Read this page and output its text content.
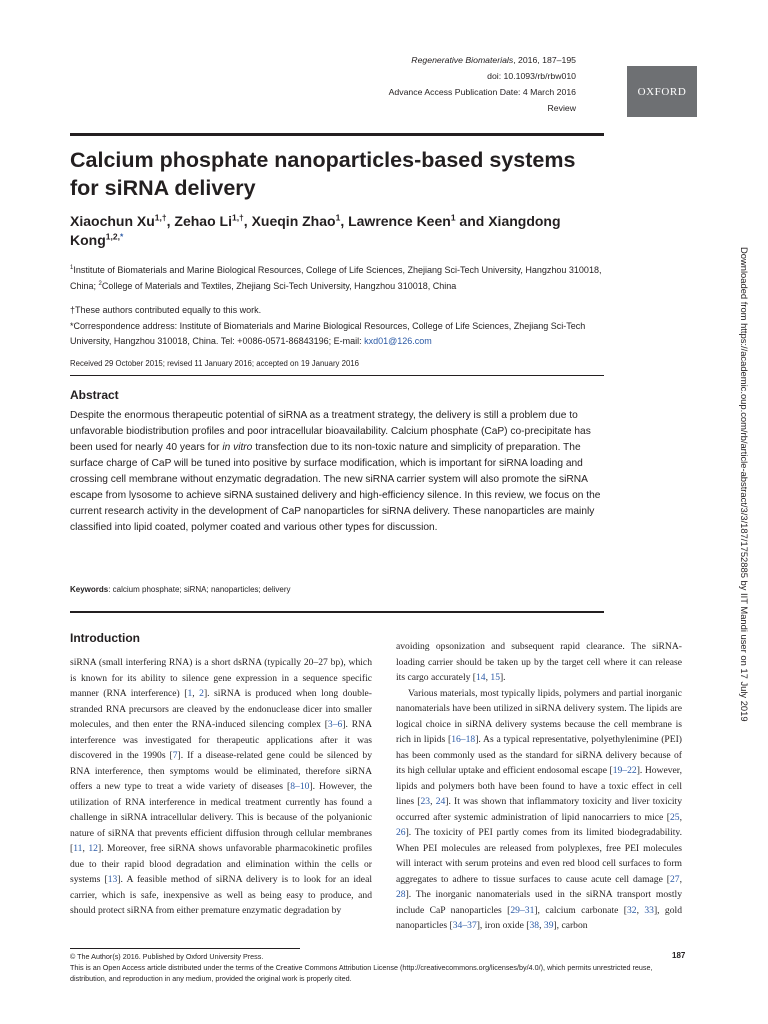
Regenerative Biomaterials, 2016, 187–195
doi: 10.1093/rb/rbw010
Advance Access Publication Date: 4 March 2016
Review
OXFORD
Calcium phosphate nanoparticles-based systems for siRNA delivery
Xiaochun $Xu^{1,\dagger}$, Zehao $Li^{1,\dagger}$, Xueqin Zhao$^1$, Lawrence Keen$^1$ and Xiangdong Kong$^{1,2,*}$
$^1$Institute of Biomaterials and Marine Biological Resources, College of Life Sciences, Zhejiang Sci-Tech University, Hangzhou 310018, China; $^2$College of Materials and Textiles, Zhejiang Sci-Tech University, Hangzhou 310018, China
†These authors contributed equally to this work.
*Correspondence address: Institute of Biomaterials and Marine Biological Resources, College of Life Sciences, Zhejiang Sci-Tech University, Hangzhou 310018, China. Tel: +0086-0571-86843196; E-mail: kxd01@126.com
Received 29 October 2015; revised 11 January 2016; accepted on 19 January 2016
Abstract
Despite the enormous therapeutic potential of siRNA as a treatment strategy, the delivery is still a problem due to unfavorable biodistribution profiles and poor intracellular bioavailability. Calcium phosphate (CaP) co-precipitate has been used for nearly 40 years for in vitro transfection due to its non-toxic nature and simplicity of preparation. The surface charge of CaP will be tuned into positive by surface modification, which is important for siRNA loading and crossing cell membrane without enzymatic degradation. The new siRNA carrier system will also promote the siRNA escape from lysosome to achieve siRNA sustained delivery and high-efficiency silence. In this review, we focus on the current research activity in the development of CaP nanoparticles for siRNA delivery. These nanoparticles are mainly classified into lipid coated, polymer coated and various other types for discussion.
Keywords: calcium phosphate; siRNA; nanoparticles; delivery
Introduction

siRNA (small interfering RNA) is a short dsRNA (typically 20–27 bp), which is known for its ability to silence gene expression in a sequence specific manner (RNA interference) [1, 2]. siRNA is produced when long double-stranded RNA precursors are cleaved by the endonuclease dicer into smaller molecules, and then enter the RNA-induced silencing complex [3–6]. RNA interference was investigated for therapeutic applications after it was discovered in the 1990s [7]. If a disease-related gene could be silenced by RNA interference, then symptoms would be eliminated, therefore siRNA offers a new type to treat a wide variety of diseases [8–10]. However, the utilization of RNA interference in medical treatment currently has found a challenge in siRNA intracellular delivery. This is because of the polyanionic nature of siRNA that prevents efficient diffusion through cellular membranes [11, 12]. Moreover, free siRNA shows unfavorable pharmacokinetic profiles due to their rapid blood degradation and elimination within the cells or systems [13]. A feasible method of siRNA delivery is to look for an ideal carrier, which is safe, inexpensive as well as being easy to produce, and should protect siRNA from either premature enzymatic degradation by

avoiding opsonization and subsequent rapid clearance. The siRNA-loading carrier should be taken up by the target cell where it can release its cargo accurately [14, 15].

Various materials, most typically lipids, polymers and partial inorganic nanomaterials have been utilized in siRNA delivery system. The lipids are logical choice in siRNA delivery systems because the cell membrane is rich in lipids [16–18]. As a typical representative, polyethylenimine (PEI) has been commonly used as the standard for siRNA delivery because of its high cellular uptake and efficient endosomal escape [19–22]. However, lipids and polymers both have been found to have a toxic effect in cell lines [23, 24]. It was shown that inflammatory toxicity and liver toxicity occurred after systemic administration of lipid nanocarriers to mice [25, 26]. The toxicity of PEI partly comes from its limited biodegradability. When PEI molecules are released from polyplexes, free PEI molecules will interact with serum proteins and even red blood cell surfaces to form aggregates to adhere to tissue surfaces to cause acute cell damage [27, 28]. The inorganic nanomaterials used in the siRNA transport mostly include CaP nanoparticles [29–31], calcium carbonate [32, 33], gold nanoparticles [34–37], iron oxide [38, 39], carbon

© The Author(s) 2016. Published by Oxford University Press.
This is an Open Access article distributed under the terms of the Creative Commons Attribution License (http://creativecommons.org/licenses/by/4.0/), which permits unrestricted reuse, distribution, and reproduction in any medium, provided the original work is properly cited.
187
Downloaded from https://academic.oup.com/rb/article-abstract/3/3/187/1752885 by IIT Mandi user on 17 July 2019
